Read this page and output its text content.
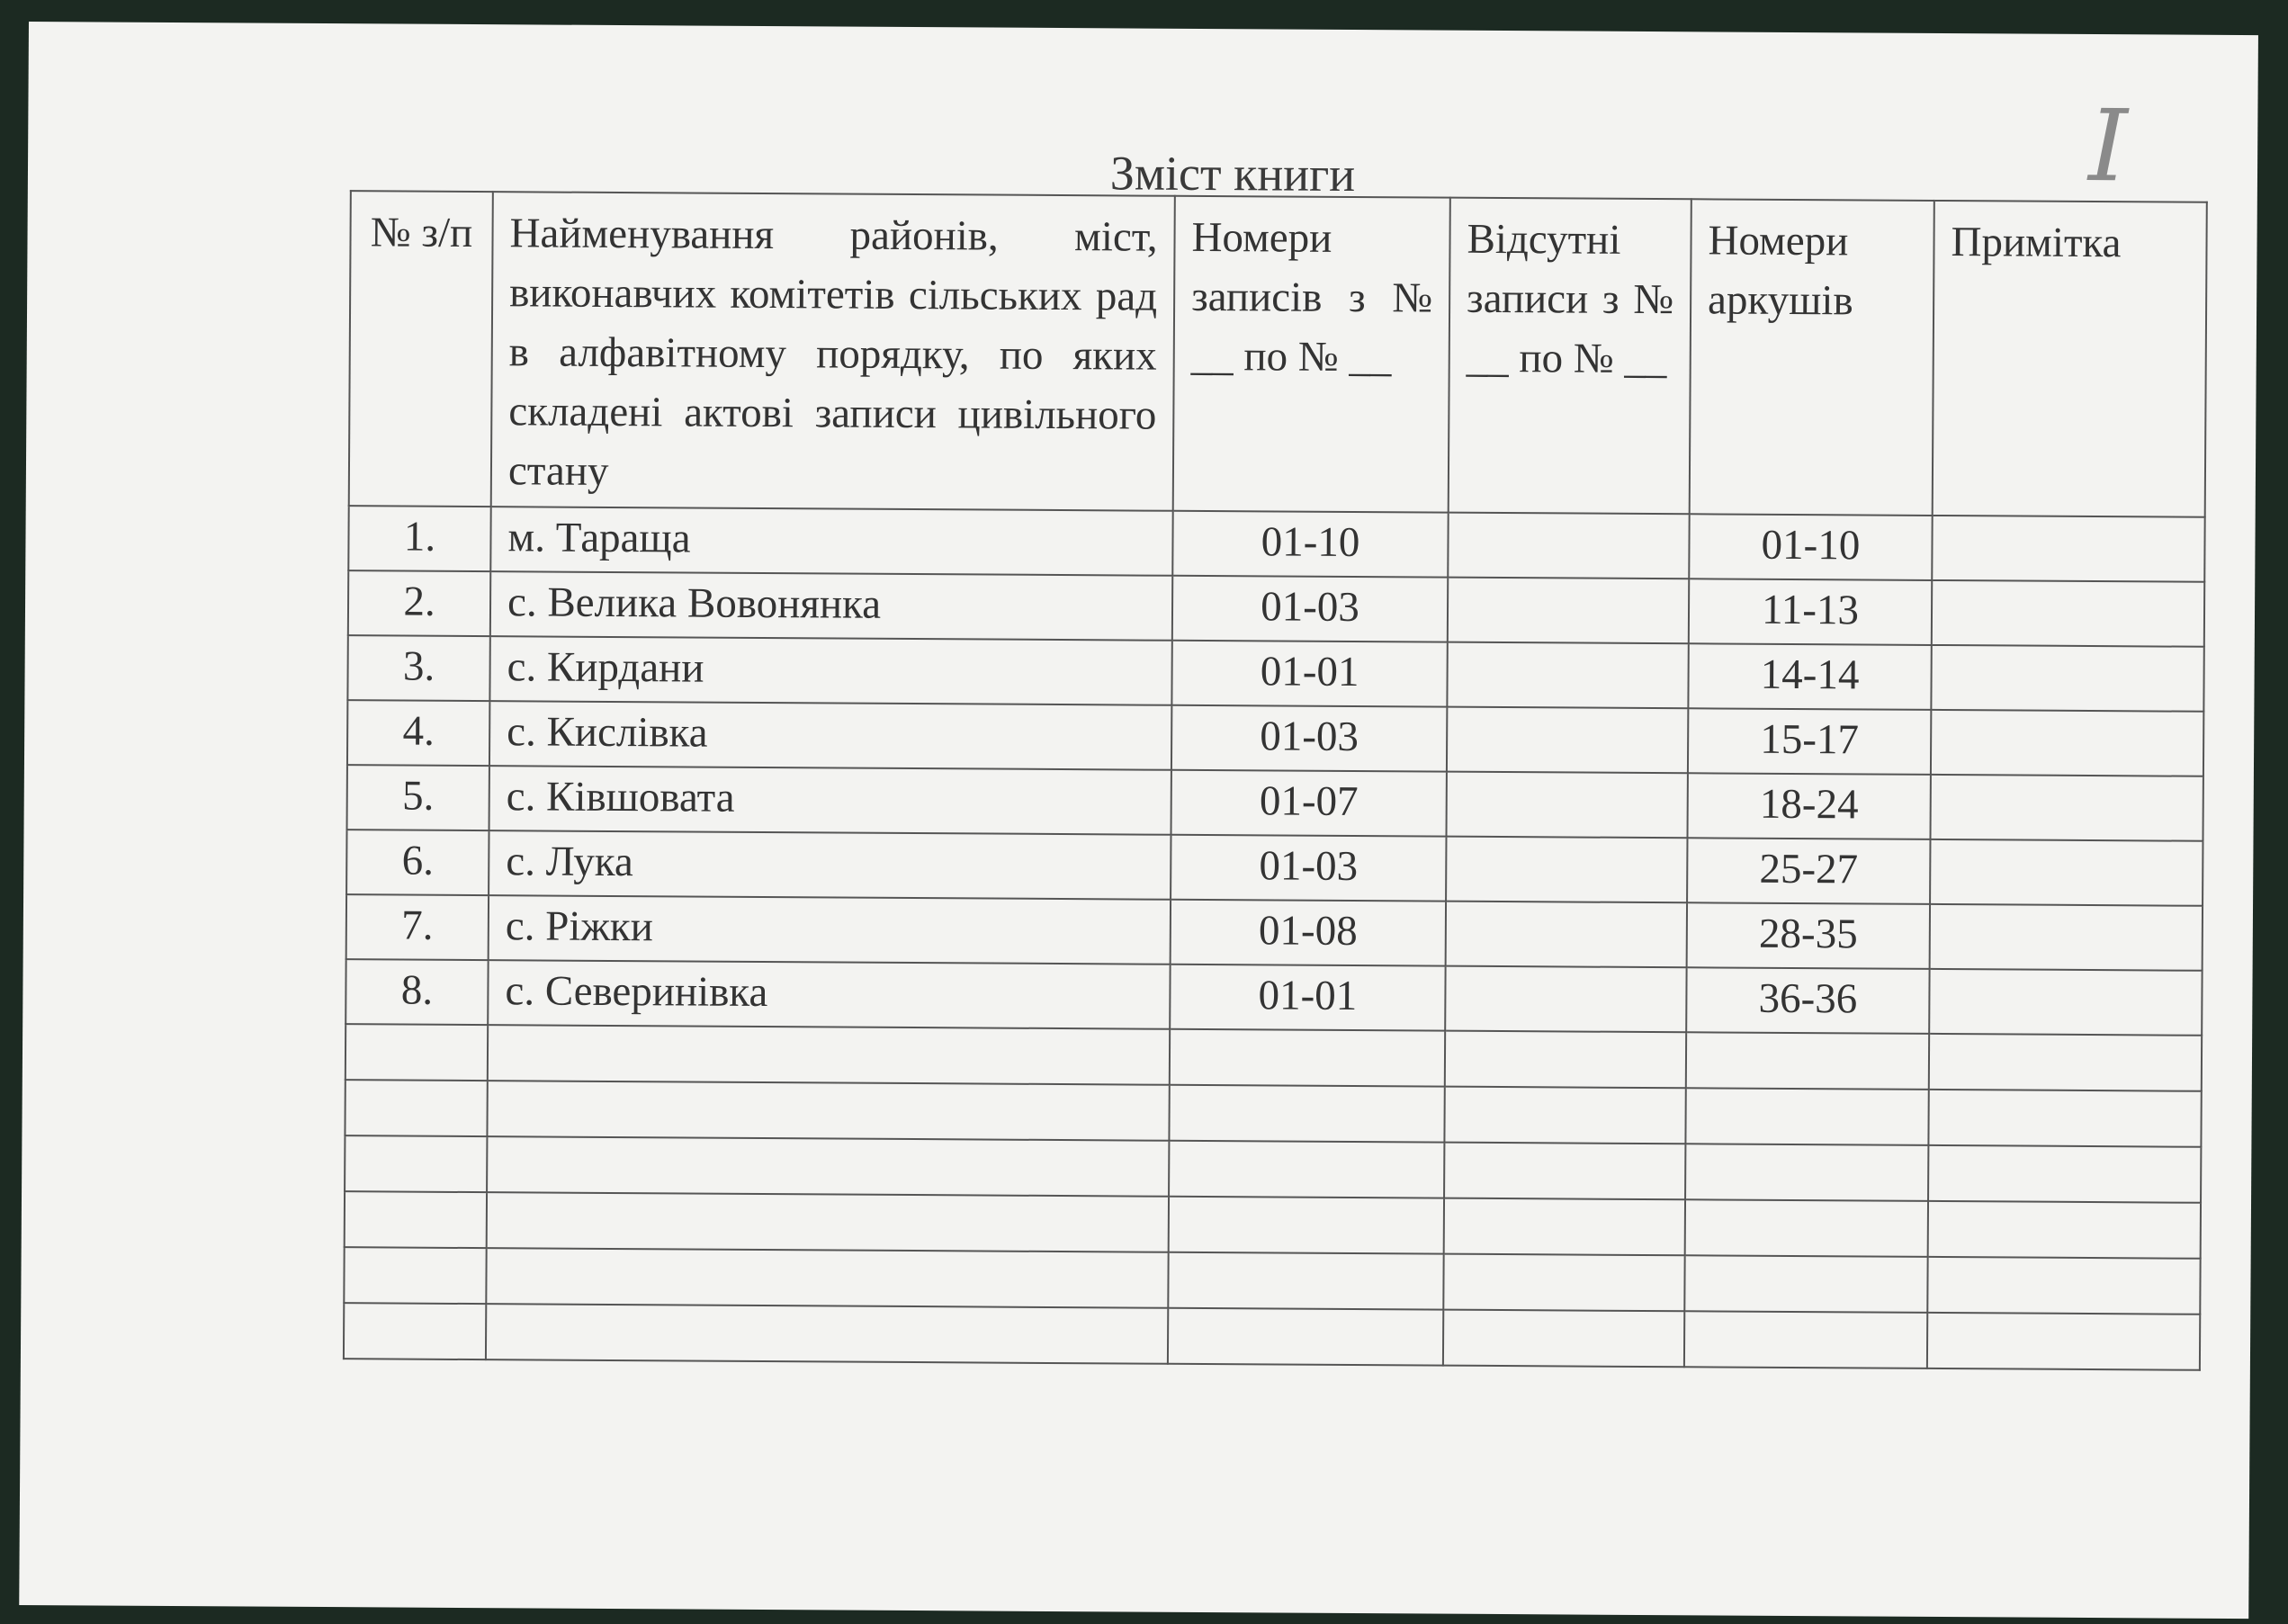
I
Зміст книги
№ з/п	Найменування районів, міст, виконавчих комітетів сільських рад в алфавітному порядку, по яких складені актові записи цивільного стану	Номери записів з № __ по № __	Відсутні записи з № __ по № __	Номери аркушів	Примітка
1.	м. Тараща	01-10		01-10	
2.	с. Велика Вовонянка	01-03		11-13	
3.	с. Кирдани	01-01		14-14	
4.	с. Кислівка	01-03		15-17	
5.	с. Ківшовата	01-07		18-24	
6.	с. Лука	01-03		25-27	
7.	с. Ріжки	01-08		28-35	
8.	с. Северинівка	01-01		36-36	
